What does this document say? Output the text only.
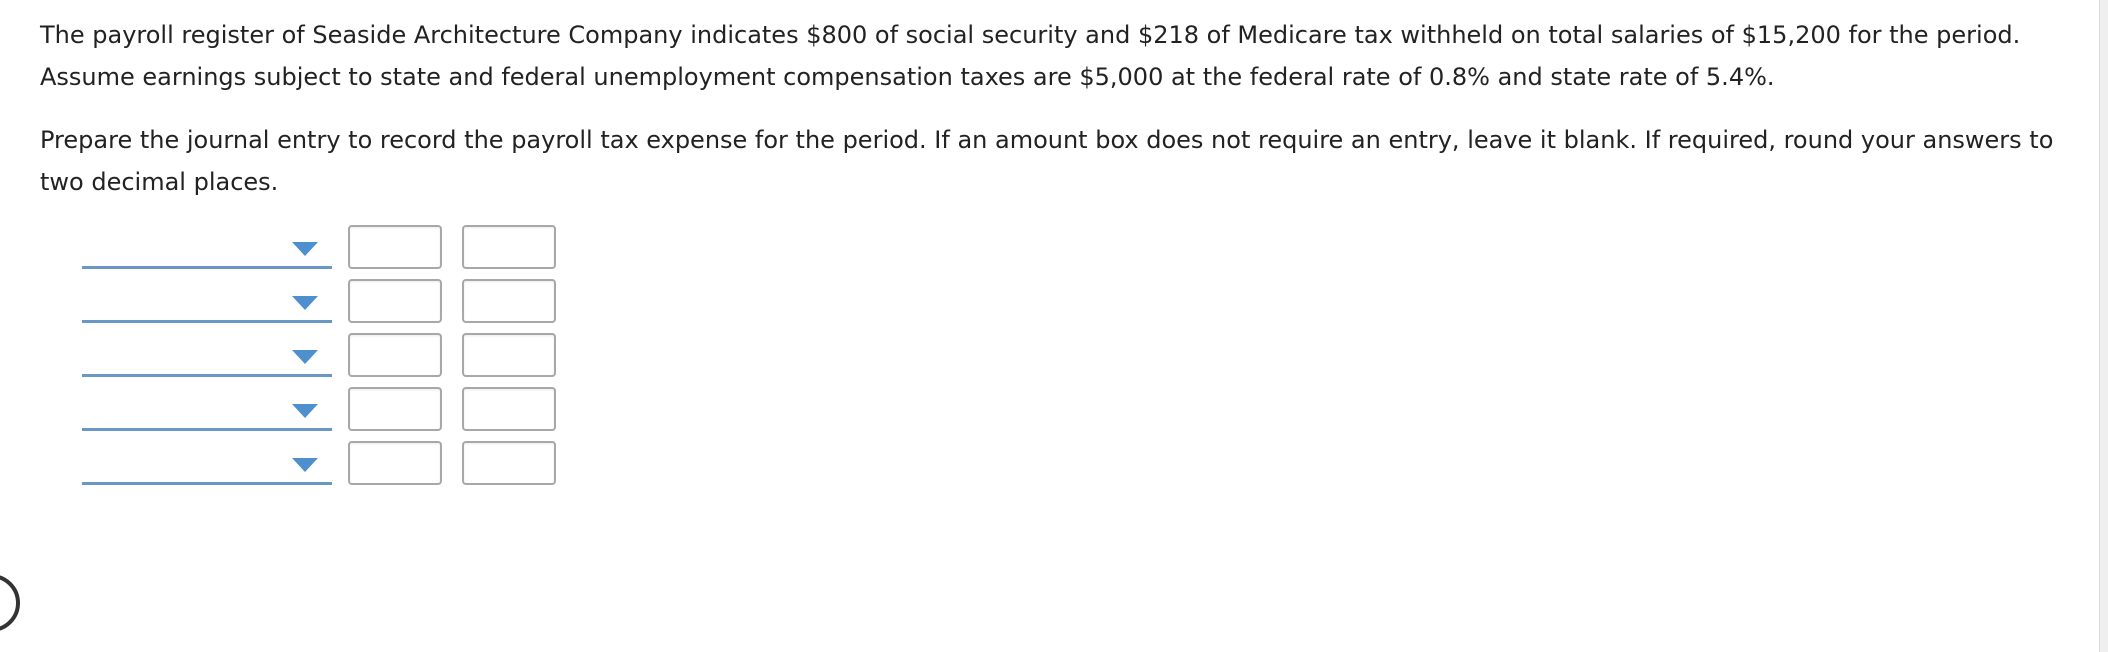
The payroll register of Seaside Architecture Company indicates $800 of social security and $218 of Medicare tax withheld on total salaries of $15,200 for the period. Assume earnings subject to state and federal unemployment compensation taxes are $5,000 at the federal rate of 0.8% and state rate of 5.4%.

Prepare the journal entry to record the payroll tax expense for the period. If an amount box does not require an entry, leave it blank. If required, round your answers to two decimal places.
